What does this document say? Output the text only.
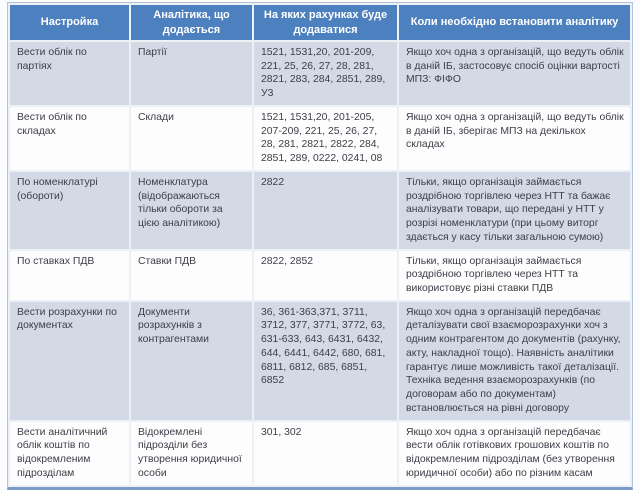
Настройка	Аналітика, що додається	На яких рахунках буде додаватися	Коли необхідно встановити аналітику
Вести облік по партіях	Партії	1521, 1531,20, 201-209, 221, 25, 26, 27, 28, 281, 2821, 283, 284, 2851, 289, У3	Якщо хоч одна з організацій, що ведуть облік в даній ІБ, застосовує спосіб оцінки вартості МПЗ: ФІФО
Вести облік по складах	Склади	1521, 1531,20, 201-205, 207-209, 221, 25, 26, 27, 28, 281, 2821, 2822, 284, 2851, 289, 0222, 0241, 08	Якщо хоч одна з організацій, що ведуть облік в даній ІБ, зберігає МПЗ на декількох складах
По номенклатурі (обороти)	Номенклатура (відображаються тільки обороти за цією аналітикою)	2822	Тільки, якщо організація займається роздрібною торгівлею через НТТ та бажає аналізувати товари, що передані у НТТ у розрізі номенклатури (при цьому виторг здається у касу тільки загальною сумою)
По ставках ПДВ	Ставки ПДВ	2822, 2852	Тільки, якщо організація займається роздрібною торгівлею через НТТ та використовує різні ставки ПДВ
Вести розрахунки по документах	Документи розрахунків з контрагентами	36, 361-363,371, 3711, 3712, 377, 3771, 3772, 63, 631-633, 643, 6431, 6432, 644, 6441, 6442, 680, 681, 6811, 6812, 685, 6851, 6852	Якщо хоч одна з організацій передбачає деталізувати свої взаєморозрахунки хоч з одним контрагентом до документів (рахунку, акту, накладної тощо). Наявність аналітики гарантує лише можливість такої деталізації. Техніка ведення взаєморозрахунків (по договорам або по документам) встановлюється на рівні договору
Вести аналітичний облік коштів по відокремленим підрозділам	Відокремлені підрозділи без утворення юридичної особи	301, 302	Якщо хоч одна з організацій передбачає вести облік готівкових грошових коштів по відокремленим підрозділам (без утворення юридичної особи) або по різним касам
